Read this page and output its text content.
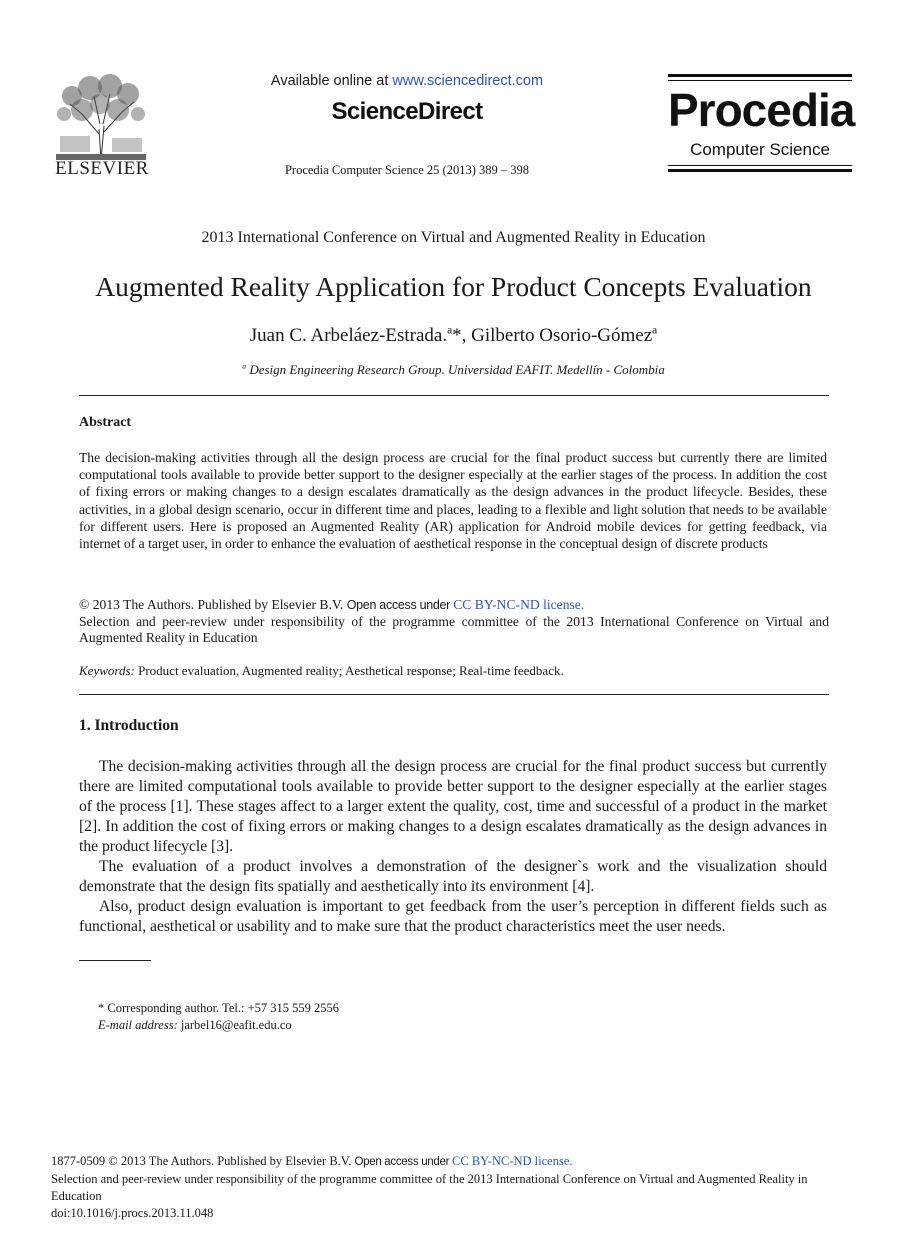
ELSEVIER
Available online at www.sciencedirect.com
ScienceDirect
Procedia Computer Science 25 (2013) 389 – 398
Procedia
Computer Science
2013 International Conference on Virtual and Augmented Reality in Education
Augmented Reality Application for Product Concepts Evaluation
Juan C. Arbeláez-Estrada.$^a$*, Gilberto Osorio-Gómez$^a$
$^a$ Design Engineering Research Group. Universidad EAFIT. Medellín - Colombia
Abstract
The decision-making activities through all the design process are crucial for the final product success but currently there are limited computational tools available to provide better support to the designer especially at the earlier stages of the process. In addition the cost of fixing errors or making changes to a design escalates dramatically as the design advances in the product lifecycle. Besides, these activities, in a global design scenario, occur in different time and places, leading to a flexible and light solution that needs to be available for different users. Here is proposed an Augmented Reality (AR) application for Android mobile devices for getting feedback, via internet of a target user, in order to enhance the evaluation of aesthetical response in the conceptual design of discrete products
© 2013 The Authors. Published by Elsevier B.V. Open access under CC BY-NC-ND license.
Selection and peer-review under responsibility of the programme committee of the 2013 International Conference on Virtual and Augmented Reality in Education
Keywords: Product evaluation, Augmented reality; Aesthetical response; Real-time feedback.
1. Introduction
The decision-making activities through all the design process are crucial for the final product success but currently there are limited computational tools available to provide better support to the designer especially at the earlier stages of the process [1]. These stages affect to a larger extent the quality, cost, time and successful of a product in the market [2]. In addition the cost of fixing errors or making changes to a design escalates dramatically as the design advances in the product lifecycle [3].
The evaluation of a product involves a demonstration of the designer`s work and the visualization should demonstrate that the design fits spatially and aesthetically into its environment [4].
Also, product design evaluation is important to get feedback from the user’s perception in different fields such as functional, aesthetical or usability and to make sure that the product characteristics meet the user needs.
* Corresponding author. Tel.: +57 315 559 2556
E-mail address: jarbel16@eafit.edu.co
1877-0509 © 2013 The Authors. Published by Elsevier B.V. Open access under CC BY-NC-ND license.
Selection and peer-review under responsibility of the programme committee of the 2013 International Conference on Virtual and Augmented Reality in Education
doi:10.1016/j.procs.2013.11.048
